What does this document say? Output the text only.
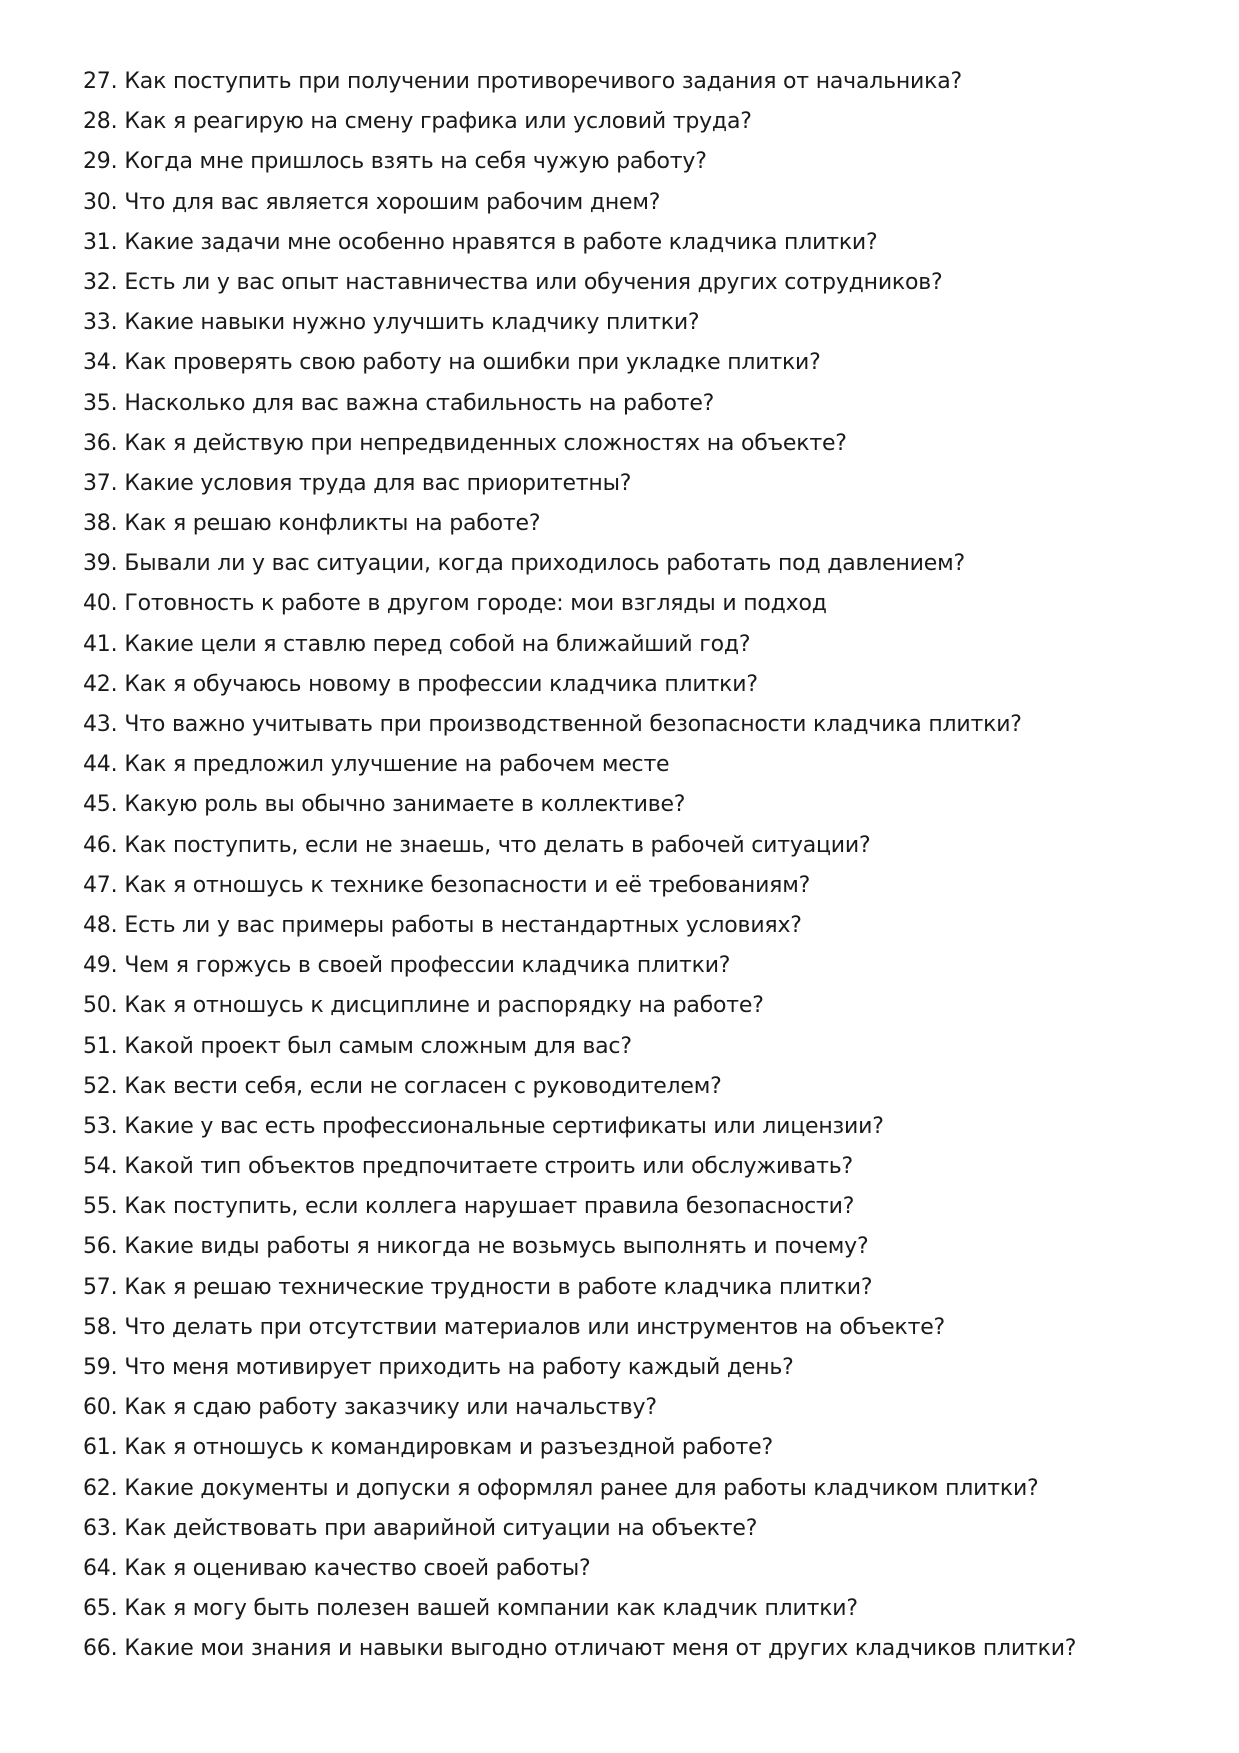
27. Как поступить при получении противоречивого задания от начальника?
28. Как я реагирую на смену графика или условий труда?
29. Когда мне пришлось взять на себя чужую работу?
30. Что для вас является хорошим рабочим днем?
31. Какие задачи мне особенно нравятся в работе кладчика плитки?
32. Есть ли у вас опыт наставничества или обучения других сотрудников?
33. Какие навыки нужно улучшить кладчику плитки?
34. Как проверять свою работу на ошибки при укладке плитки?
35. Насколько для вас важна стабильность на работе?
36. Как я действую при непредвиденных сложностях на объекте?
37. Какие условия труда для вас приоритетны?
38. Как я решаю конфликты на работе?
39. Бывали ли у вас ситуации, когда приходилось работать под давлением?
40. Готовность к работе в другом городе: мои взгляды и подход
41. Какие цели я ставлю перед собой на ближайший год?
42. Как я обучаюсь новому в профессии кладчика плитки?
43. Что важно учитывать при производственной безопасности кладчика плитки?
44. Как я предложил улучшение на рабочем месте
45. Какую роль вы обычно занимаете в коллективе?
46. Как поступить, если не знаешь, что делать в рабочей ситуации?
47. Как я отношусь к технике безопасности и её требованиям?
48. Есть ли у вас примеры работы в нестандартных условиях?
49. Чем я горжусь в своей профессии кладчика плитки?
50. Как я отношусь к дисциплине и распорядку на работе?
51. Какой проект был самым сложным для вас?
52. Как вести себя, если не согласен с руководителем?
53. Какие у вас есть профессиональные сертификаты или лицензии?
54. Какой тип объектов предпочитаете строить или обслуживать?
55. Как поступить, если коллега нарушает правила безопасности?
56. Какие виды работы я никогда не возьмусь выполнять и почему?
57. Как я решаю технические трудности в работе кладчика плитки?
58. Что делать при отсутствии материалов или инструментов на объекте?
59. Что меня мотивирует приходить на работу каждый день?
60. Как я сдаю работу заказчику или начальству?
61. Как я отношусь к командировкам и разъездной работе?
62. Какие документы и допуски я оформлял ранее для работы кладчиком плитки?
63. Как действовать при аварийной ситуации на объекте?
64. Как я оцениваю качество своей работы?
65. Как я могу быть полезен вашей компании как кладчик плитки?
66. Какие мои знания и навыки выгодно отличают меня от других кладчиков плитки?
